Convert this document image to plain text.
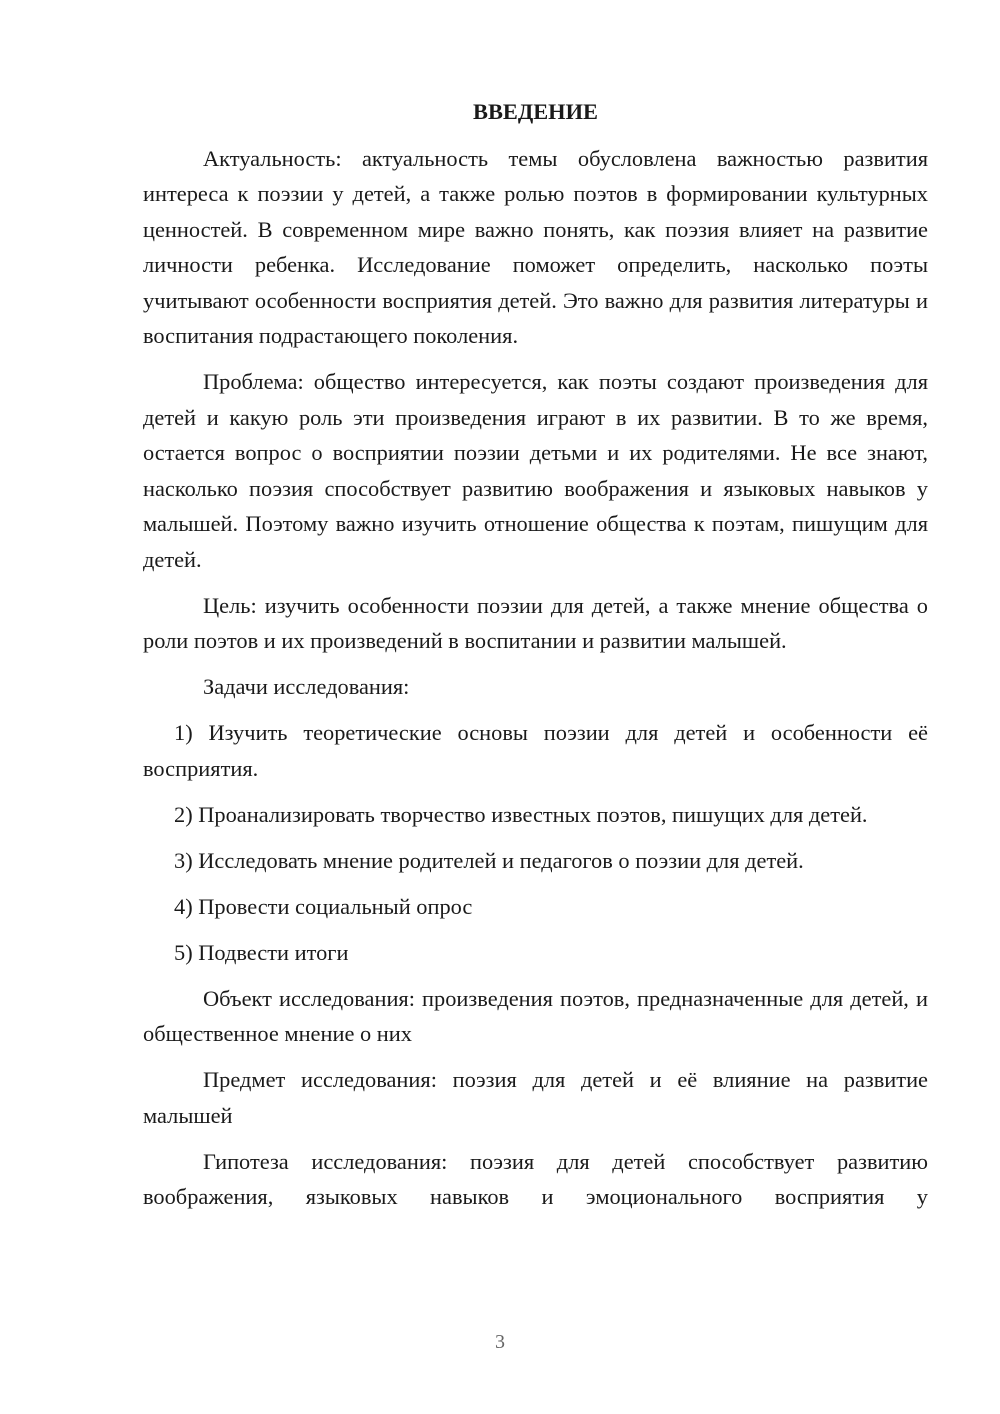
ВВЕДЕНИЕ

Актуальность: актуальность темы обусловлена важностью развития интереса к поэзии у детей, а также ролью поэтов в формировании культурных ценностей. В современном мире важно понять, как поэзия влияет на развитие личности ребенка. Исследование поможет определить, насколько поэты учитывают особенности восприятия детей. Это важно для развития литературы и воспитания подрастающего поколения.

Проблема: общество интересуется, как поэты создают произведения для детей и какую роль эти произведения играют в их развитии. В то же время, остается вопрос о восприятии поэзии детьми и их родителями. Не все знают, насколько поэзия способствует развитию воображения и языковых навыков у малышей. Поэтому важно изучить отношение общества к поэтам, пишущим для детей.

Цель: изучить особенности поэзии для детей, а также мнение общества о роли поэтов и их произведений в воспитании и развитии малышей.

Задачи исследования:

1) Изучить теоретические основы поэзии для детей и особенности её восприятия.

2) Проанализировать творчество известных поэтов, пишущих для детей.

3) Исследовать мнение родителей и педагогов о поэзии для детей.

4) Провести социальный опрос

5) Подвести итоги

Объект исследования: произведения поэтов, предназначенные для детей, и общественное мнение о них

Предмет исследования: поэзия для детей и её влияние на развитие малышей

Гипотеза исследования: поэзия для детей способствует развитию воображения, языковых навыков и эмоционального восприятия у

3
